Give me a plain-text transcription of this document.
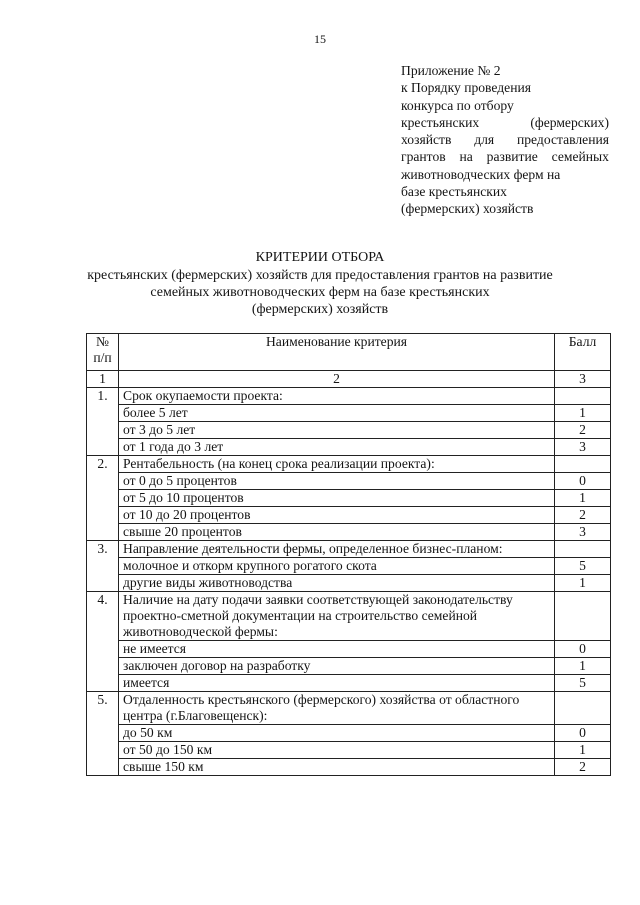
15
Приложение № 2
к Порядку проведения
конкурса по отбору
крестьянских	(фермерских)
хозяйств для предоставления
грантов на развитие семейных
животноводческих ферм на
базе крестьянских
(фермерских) хозяйств
КРИТЕРИИ ОТБОРА
крестьянских (фермерских) хозяйств для предоставления грантов на развитие
семейных животноводческих ферм на базе крестьянских
(фермерских) хозяйств
№ п/п	Наименование критерия	Балл
1	2	3
1.	Срок окупаемости проекта:	
	более 5 лет	1
	от 3 до 5 лет	2
	от 1 года до 3 лет	3
2.	Рентабельность (на конец срока реализации проекта):	
	от 0 до 5 процентов	0
	от 5 до 10 процентов	1
	от 10 до 20 процентов	2
	свыше 20 процентов	3
3.	Направление деятельности фермы, определенное бизнес-планом:	
	молочное и откорм крупного рогатого скота	5
	другие виды животноводства	1
4.	Наличие на дату подачи заявки соответствующей законодательству проектно-сметной документации на строительство семейной животноводческой фермы:	
	не имеется	0
	заключен договор на разработку	1
	имеется	5
5.	Отдаленность крестьянского (фермерского) хозяйства от областного центра (г.Благовещенск):	
	до 50 км	0
	от 50 до 150 км	1
	свыше 150 км	2
